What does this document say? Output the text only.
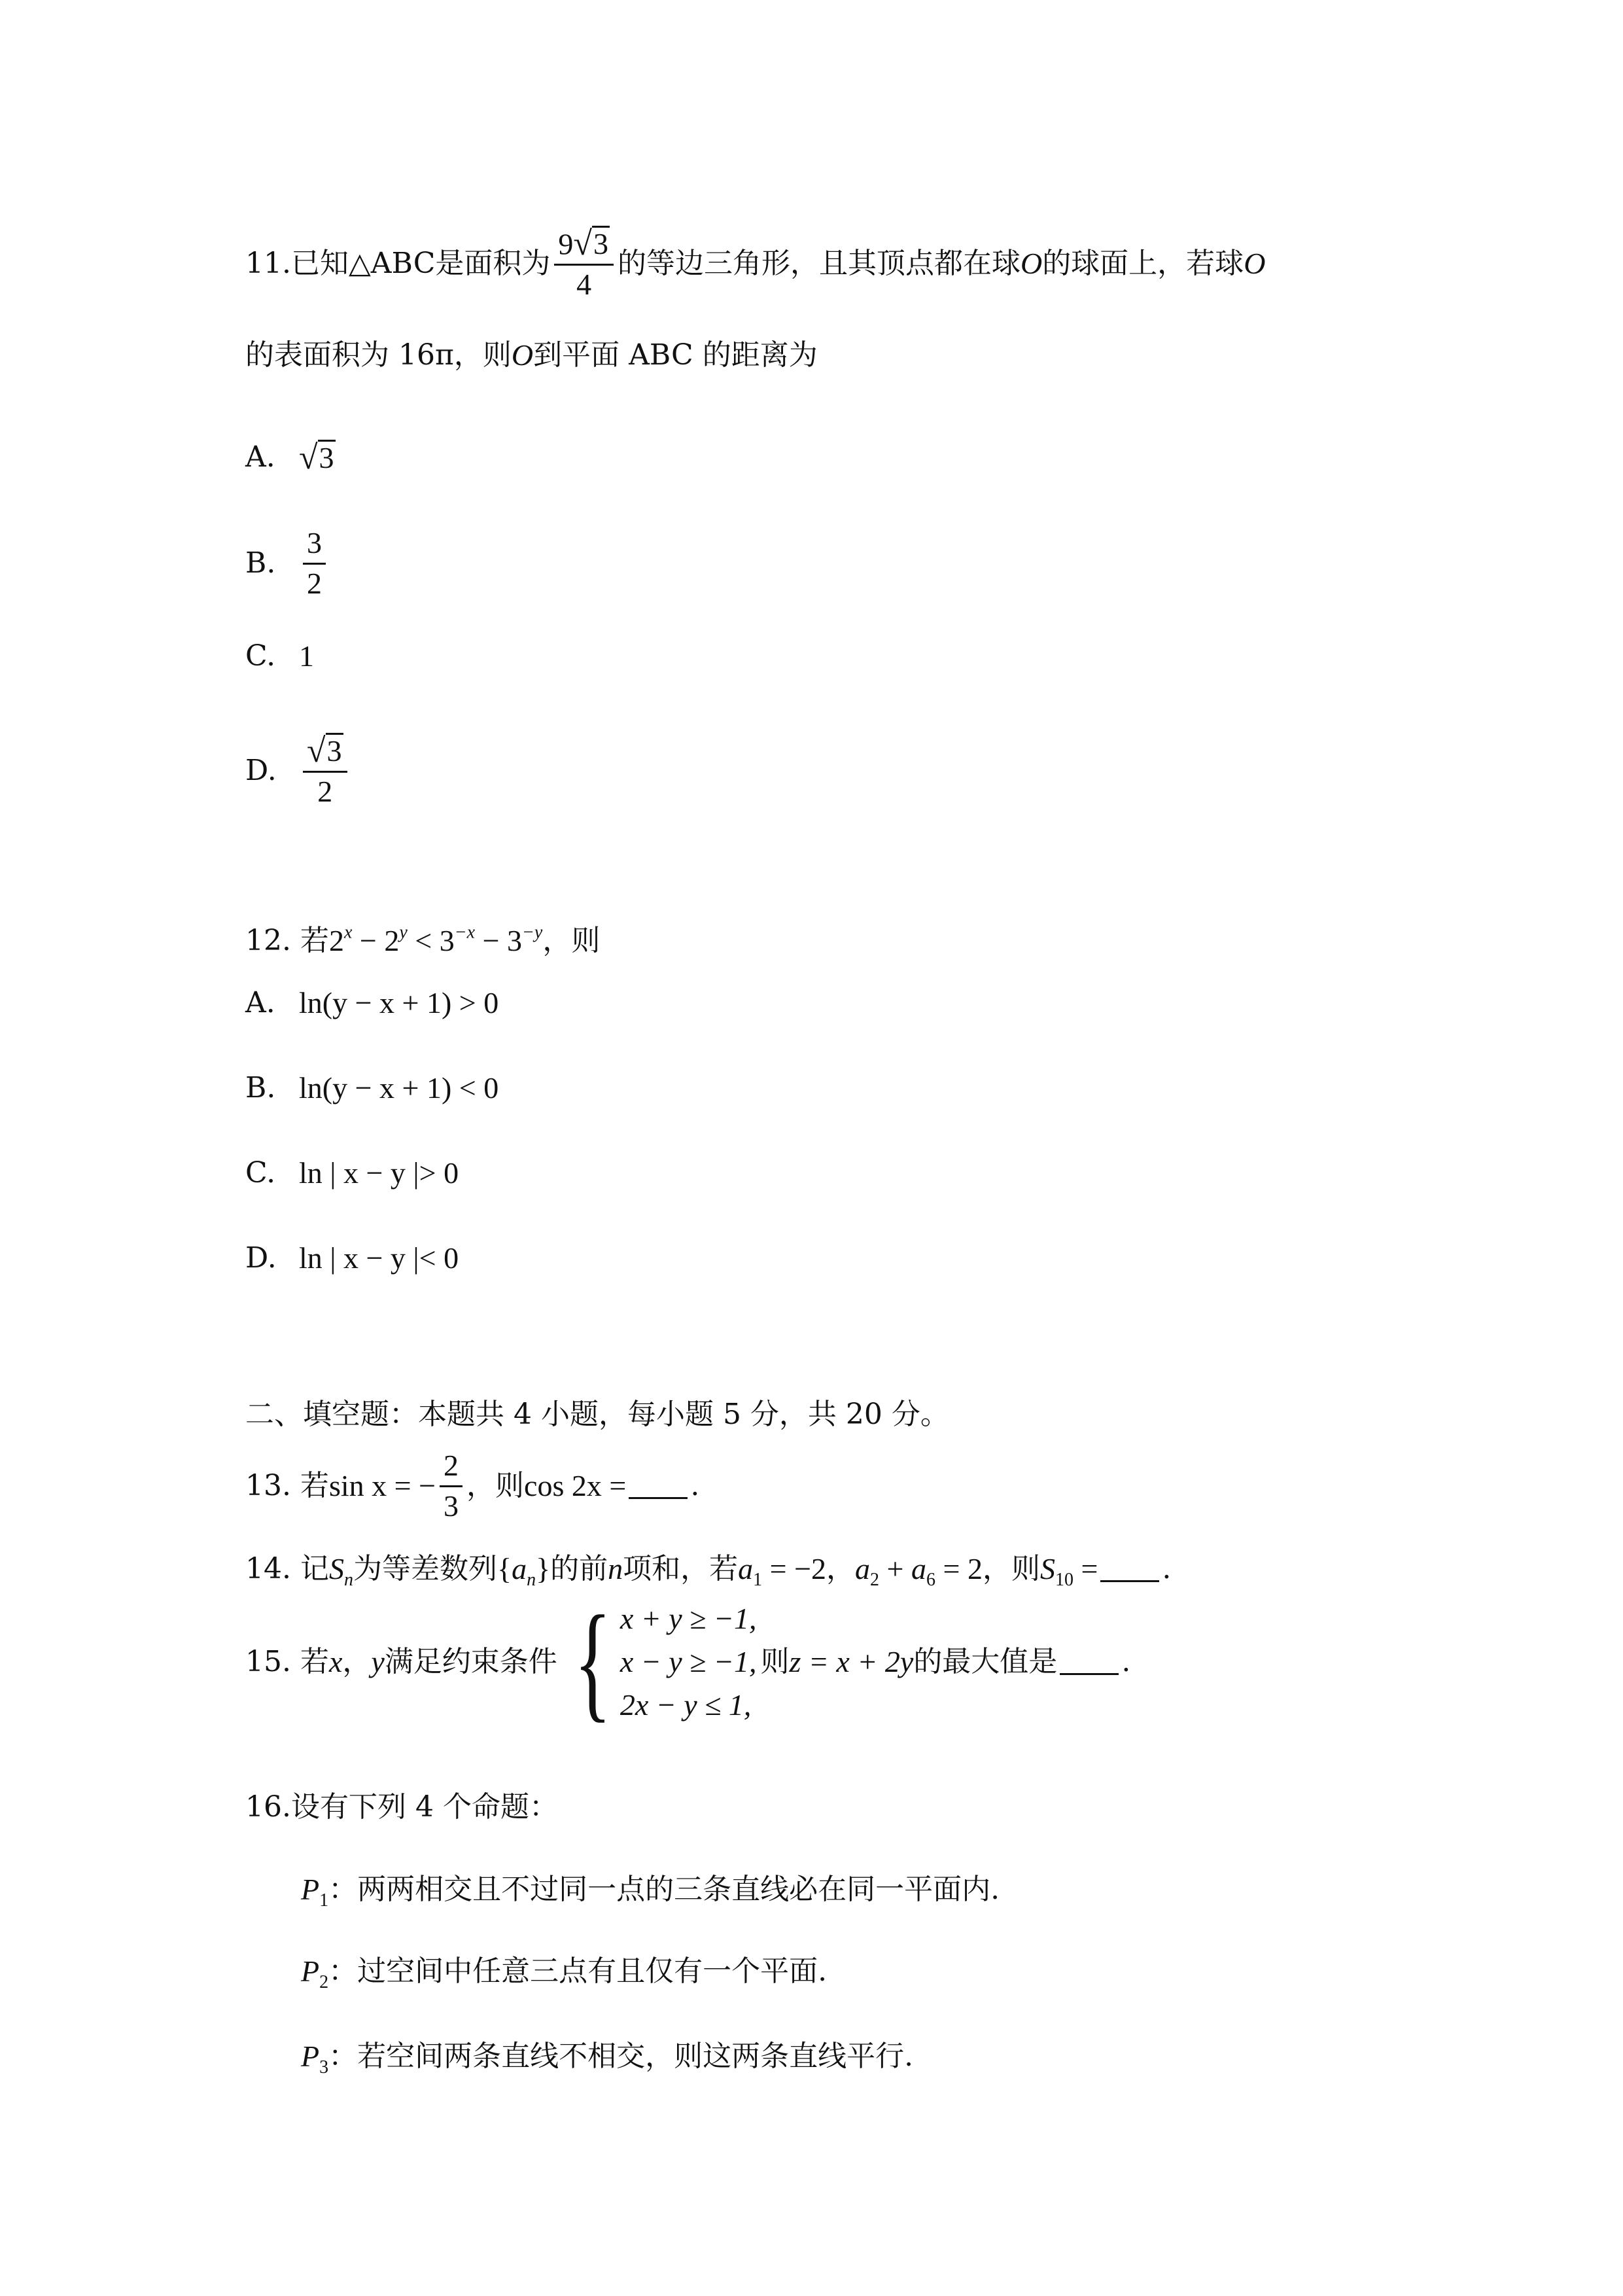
11.已知△ABC是面积为 $\frac{9 √ 3}{4}$ 的等边三角形，且其顶点都在球 O 的球面上，若球 O
的表面积为 16π，则 O 到平面 ABC 的距离为
A. √ 3
B. $\frac{3}{2}$
C. 1
D. $\frac{√ 3}{2}$
12. 若 $2^x - 2^y < 3^{-x} - 3^{-y}$ ，则
A. ln(y − x + 1) > 0
B. ln(y − x + 1) < 0
C. ln | x − y |> 0
D. ln | x − y |< 0
二、填空题：本题共 4 小题，每小题 5 分，共 20 分。
13. 若 sin x = − $\frac{2}{3}$ ，则 cos 2x = .
14. 记 $S_n$ 为等差数列 $\{a_n\}$ 的前 n 项和，若 $a_1 = -2$ ， $a_2 + a_6 = 2$ ，则 $S_{10}$ = .
15. 若 x ， y 满足约束条件 { x + y ≥ −1,
x − y ≥ −1,
2x − y ≤ 1,
则 z = x + 2y 的最大值是 .
16.设有下列 4 个命题：
$P_1$ ：两两相交且不过同一点的三条直线必在同一平面内.
$P_2$ ：过空间中任意三点有且仅有一个平面.
$P_3$ ：若空间两条直线不相交，则这两条直线平行.
